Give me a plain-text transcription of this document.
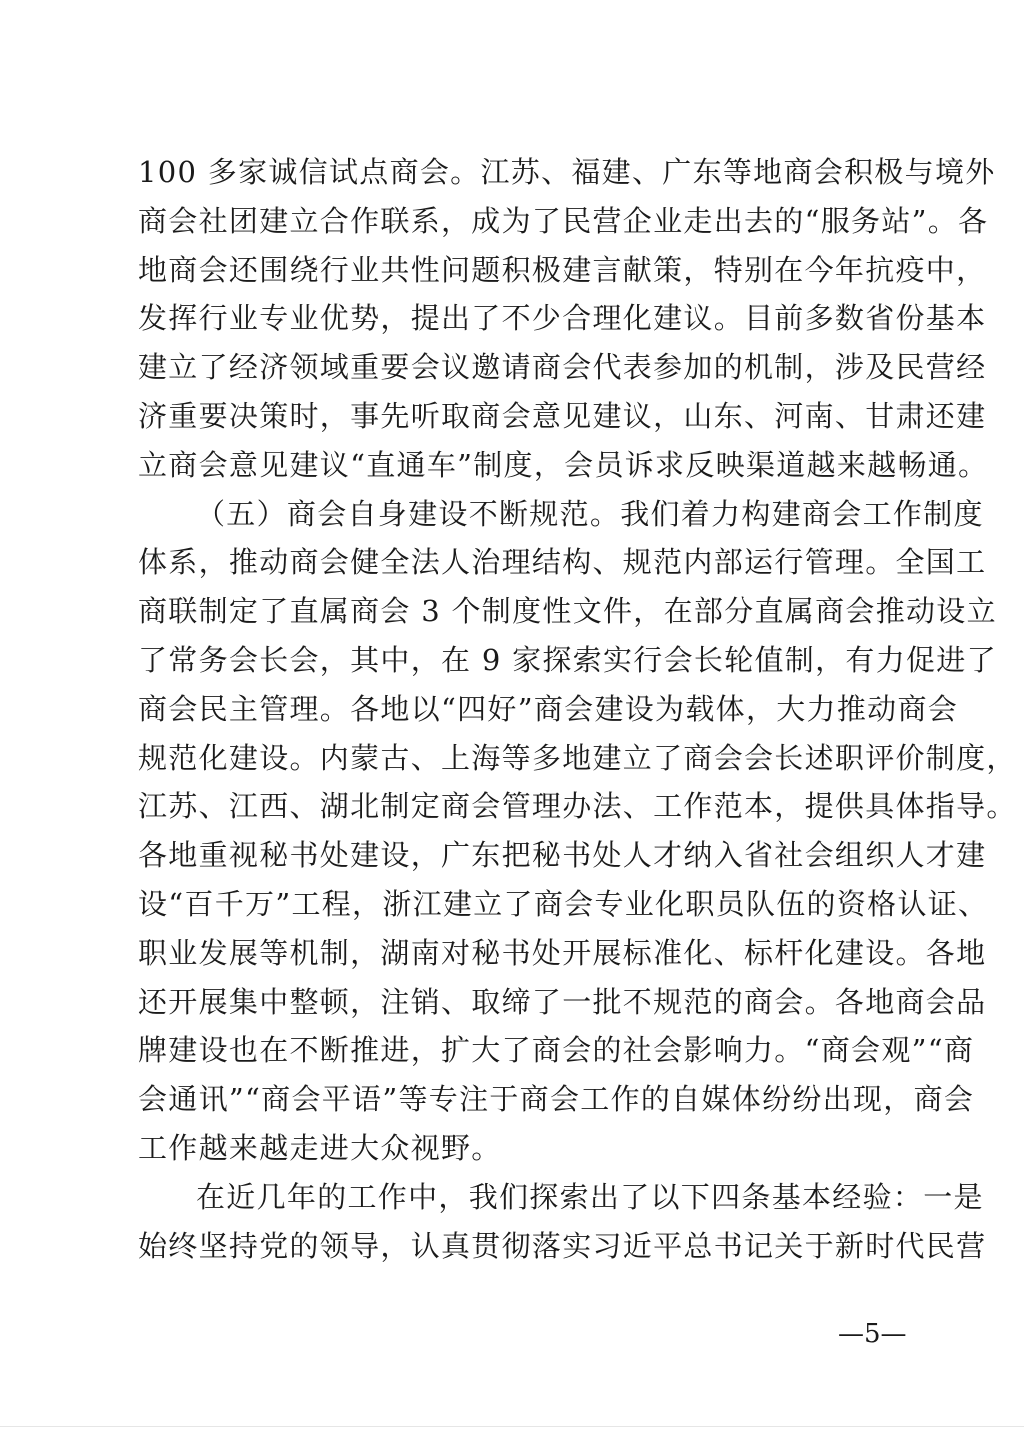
100 多家诚信试点商会。江苏、福建、广东等地商会积极与境外
商会社团建立合作联系，成为了民营企业走出去的“服务站”。各
地商会还围绕行业共性问题积极建言献策，特别在今年抗疫中，
发挥行业专业优势，提出了不少合理化建议。目前多数省份基本
建立了经济领域重要会议邀请商会代表参加的机制，涉及民营经
济重要决策时，事先听取商会意见建议，山东、河南、甘肃还建
立商会意见建议“直通车”制度，会员诉求反映渠道越来越畅通。
（五）商会自身建设不断规范。我们着力构建商会工作制度
体系，推动商会健全法人治理结构、规范内部运行管理。全国工
商联制定了直属商会 3 个制度性文件，在部分直属商会推动设立
了常务会长会，其中，在 9 家探索实行会长轮值制，有力促进了
商会民主管理。各地以“四好”商会建设为载体，大力推动商会
规范化建设。内蒙古、上海等多地建立了商会会长述职评价制度，
江苏、江西、湖北制定商会管理办法、工作范本，提供具体指导。
各地重视秘书处建设，广东把秘书处人才纳入省社会组织人才建
设“百千万”工程，浙江建立了商会专业化职员队伍的资格认证、
职业发展等机制，湖南对秘书处开展标准化、标杆化建设。各地
还开展集中整顿，注销、取缔了一批不规范的商会。各地商会品
牌建设也在不断推进，扩大了商会的社会影响力。“商会观”“商
会通讯”“商会平语”等专注于商会工作的自媒体纷纷出现，商会
工作越来越走进大众视野。
在近几年的工作中，我们探索出了以下四条基本经验：一是
始终坚持党的领导，认真贯彻落实习近平总书记关于新时代民营
—5—
